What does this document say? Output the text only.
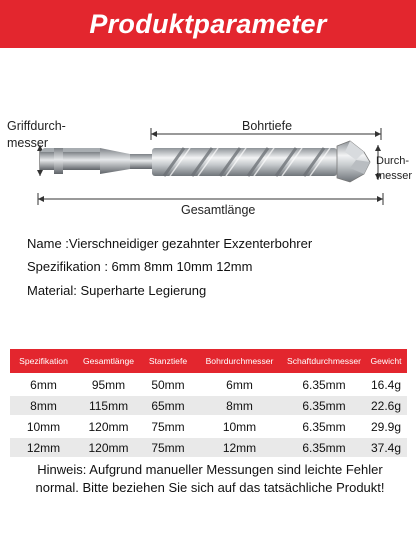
Produktparameter
Griffdurch-
messer
Bohrtiefe
Durch-
messer
Gesamtlänge
Name :Vierschneidiger gezahnter Exzenterbohrer
Spezifikation : 6mm 8mm 10mm 12mm
Material: Superharte Legierung
Spezifikation	Gesamtlänge	Stanztiefe	Bohrdurchmesser	Schaftdurchmesser	Gewicht
6mm	95mm	50mm	6mm	6.35mm	16.4g
8mm	115mm	65mm	8mm	6.35mm	22.6g
10mm	120mm	75mm	10mm	6.35mm	29.9g
12mm	120mm	75mm	12mm	6.35mm	37.4g
Hinweis: Aufgrund manueller Messungen sind leichte Fehler normal. Bitte beziehen Sie sich auf das tatsächliche Produkt!
